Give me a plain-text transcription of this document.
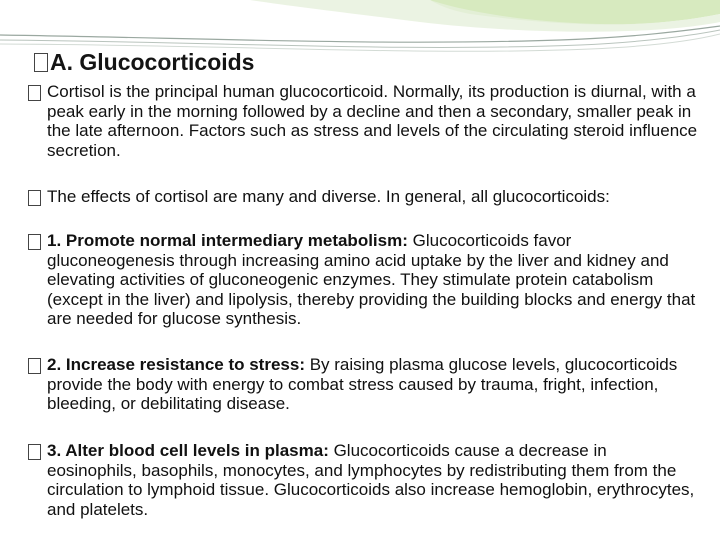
A. Glucocorticoids
Cortisol is the principal human glucocorticoid. Normally, its production is diurnal, with a peak early in the morning followed by a decline and then a secondary, smaller peak in the late afternoon. Factors such as stress and levels of the circulating steroid influence secretion.
The effects of cortisol are many and diverse. In general, all glucocorticoids:
1. Promote normal intermediary metabolism: Glucocorticoids favor gluconeogenesis through increasing amino acid uptake by the liver and kidney and elevating activities of gluconeogenic enzymes. They stimulate protein catabolism (except in the liver) and lipolysis, thereby providing the building blocks and energy that are needed for glucose synthesis.
2. Increase resistance to stress: By raising plasma glucose levels, glucocorticoids provide the body with energy to combat stress caused by trauma, fright, infection, bleeding, or debilitating disease.
3. Alter blood cell levels in plasma: Glucocorticoids cause a decrease in eosinophils, basophils, monocytes, and lymphocytes by redistributing them from the circulation to lymphoid tissue. Glucocorticoids also increase hemoglobin, erythrocytes, and platelets.
